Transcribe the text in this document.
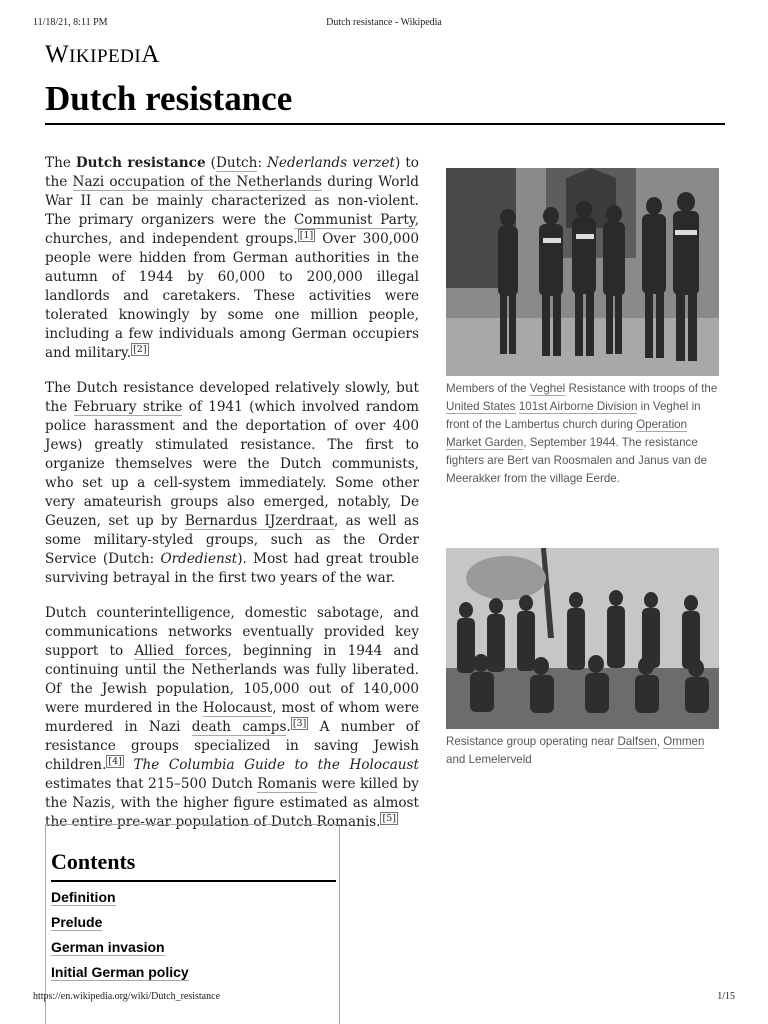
11/18/21, 8:11 PM	Dutch resistance - Wikipedia
WIKIPEDIA
Dutch resistance

The Dutch resistance (Dutch: Nederlands verzet) to the Nazi occupation of the Netherlands during World War II can be mainly characterized as non-violent. The primary organizers were the Communist Party, churches, and independent groups. [1] Over 300,000 people were hidden from German authorities in the autumn of 1944 by 60,000 to 200,000 illegal landlords and caretakers. These activities were tolerated knowingly by some one million people, including a few individuals among German occupiers and military. [2]

The Dutch resistance developed relatively slowly, but the February strike of 1941 (which involved random police harassment and the deportation of over 400 Jews) greatly stimulated resistance. The first to organize themselves were the Dutch communists, who set up a cell-system immediately. Some other very amateurish groups also emerged, notably, De Geuzen, set up by Bernardus IJzerdraat, as well as some military-styled groups, such as the Order Service (Dutch: Ordedienst). Most had great trouble surviving betrayal in the first two years of the war.

Dutch counterintelligence, domestic sabotage, and communications networks eventually provided key support to Allied forces, beginning in 1944 and continuing until the Netherlands was fully liberated. Of the Jewish population, 105,000 out of 140,000 were murdered in the Holocaust, most of whom were murdered in Nazi death camps. [3] A number of resistance groups specialized in saving Jewish children. [4] The Columbia Guide to the Holocaust estimates that 215–500 Dutch Romanis were killed by the Nazis, with the higher figure estimated as almost the entire pre-war population of Dutch Romanis. [5]

Members of the Veghel Resistance with troops of the United States 101st Airborne Division in Veghel in front of the Lambertus church during Operation Market Garden, September 1944. The resistance fighters are Bert van Roosmalen and Janus van de Meerakker from the village Eerde.
Resistance group operating near Dalfsen, Ommen and Lemelerveld
Contents
Definition
Prelude
German invasion
Initial German policy
https://en.wikipedia.org/wiki/Dutch_resistance	1/15
